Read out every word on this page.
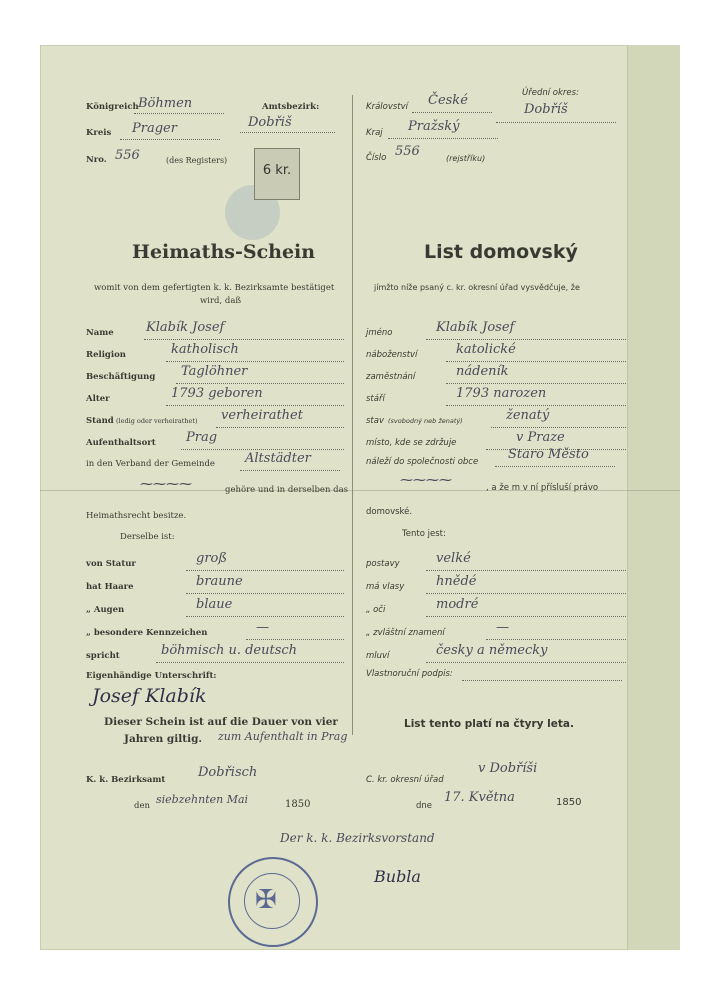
Königreich Böhmen	Amtsbezirk:
Dobřiš
Kreis Prager
Nro. 556	(des Registers)
6 kr.
Heimaths-Schein
womit von dem gefertigten k. k. Bezirksamte bestätiget
wird, daß
Name Klabík Josef
Religion	katholisch
Beschäftigung Taglöhner
Alter	1793 geboren
Stand (ledig oder verheirathet) verheirathet
Aufenthaltsort Prag
in den Verband der Gemeinde Altstädter
⁓⁓⁓⁓	gehöre und in derselben das
Heimathsrecht besitze.
Derselbe ist:
von Statur	groß
hat Haare	braune
„ Augen	blaue
„ besondere Kennzeichen	—
spricht	böhmisch u. deutsch
Eigenhändige Unterschrift:
Josef Klabík
Dieser Schein ist auf die Dauer von vier
Jahren giltig. zum Aufenthalt in Prag
K. k. Bezirksamt	Dobřisch
den siebzehnten Mai	1850
Království České	Úřední okres:
Dobříš
Kraj Pražský
Číslo 556	(rejstříku)
List domovský
jímžto níže psaný c. kr. okresní úřad vysvědčuje, že
jméno	Klabík Josef
náboženství	katolické
zaměstnání	nádeník
stáří	1793 narozen
stav (svobodný neb ženatý)	ženatý
místo, kde se zdržuje	v Praze
náleží do společnosti obce Staro Město
⁓⁓⁓⁓	, a že m v ní přísluší právo
domovské.
Tento jest:
postavy	velké
má vlasy hnědé
„ oči	modré
„ zvláštní znamení	—
mluví	česky a německy
Vlastnoruční podpis:
List tento platí na čtyry leta.
C. kr. okresní úřad
v Dobříši
dne
17. Května	1850
Der k. k. Bezirksvorstand
Bubla
✠
